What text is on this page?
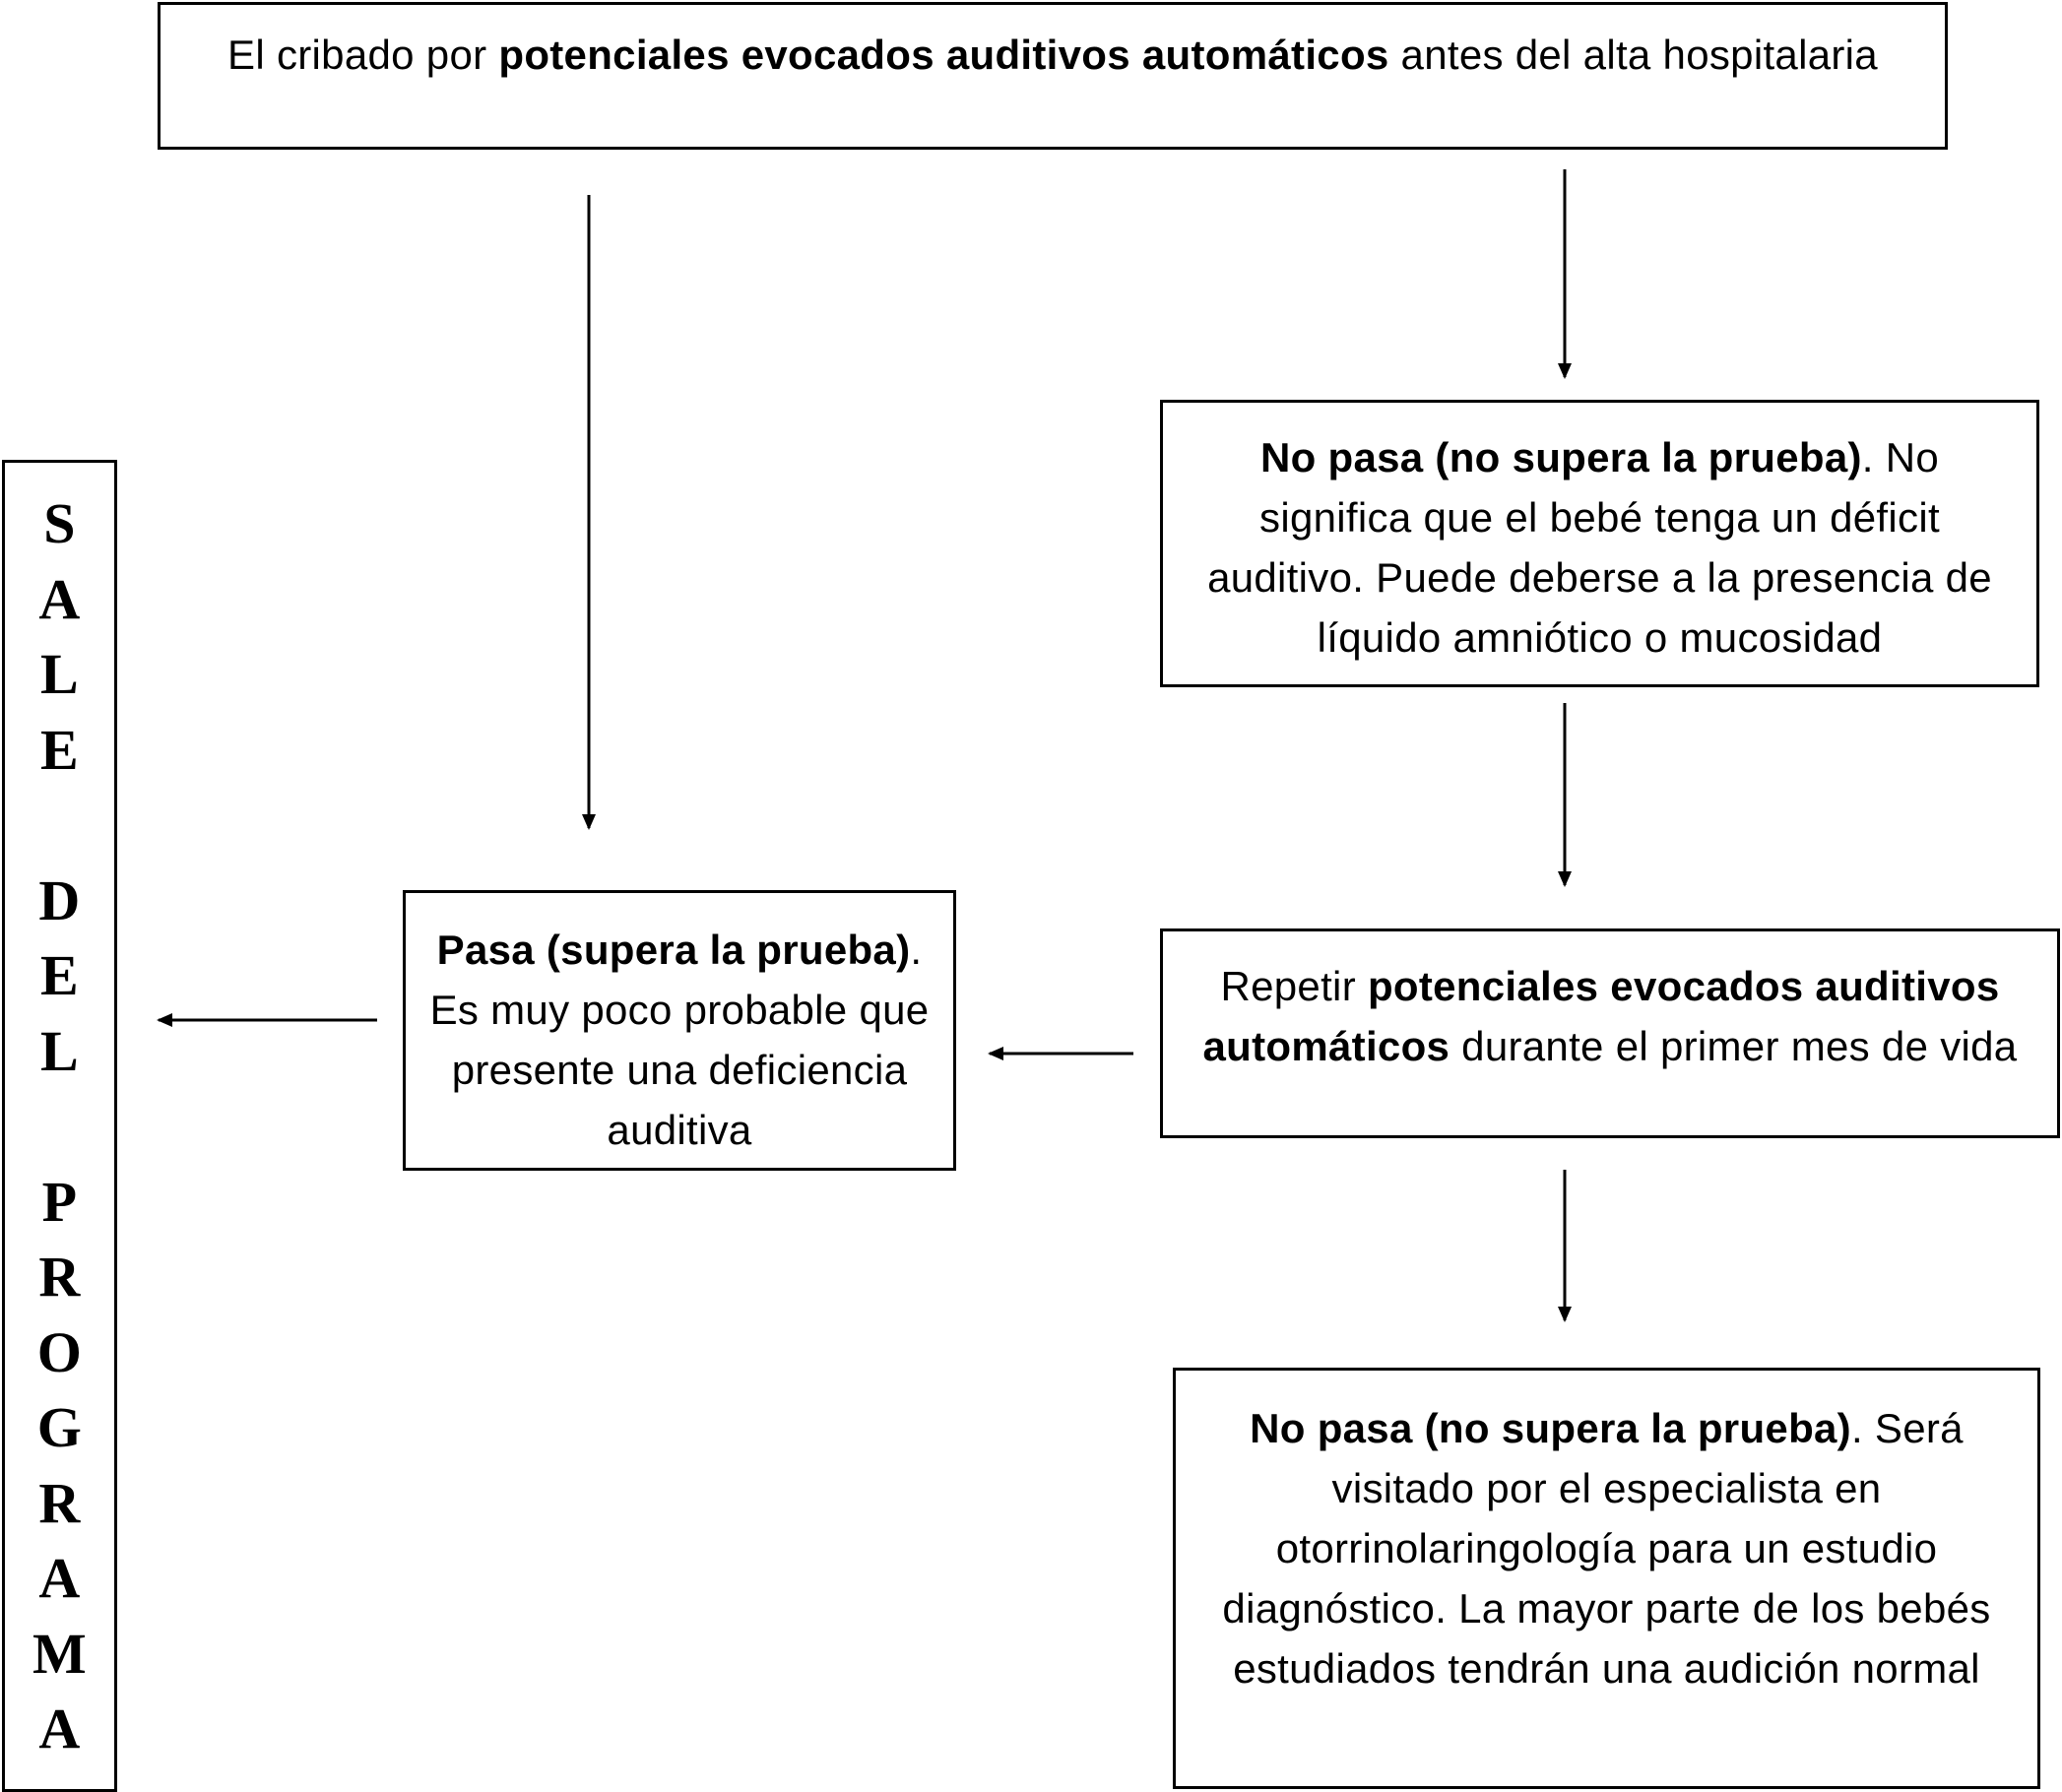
El cribado por potenciales evocados auditivos automáticos antes del alta hospitalaria
No pasa (no supera la prueba). No significa que el bebé tenga un déficit auditivo. Puede deberse a la presencia de líquido amniótico o mucosidad
Repetir potenciales evocados auditivos automáticos durante el primer mes de vida
Pasa (supera la prueba). Es muy poco probable que presente una deficiencia auditiva
No pasa (no supera la prueba). Será visitado por el especialista en otorrinolaringología para un estudio diagnóstico. La mayor parte de los bebés estudiados tendrán una audición normal
S
A
L
E
D
E
L
P
R
O
G
R
A
M
A
